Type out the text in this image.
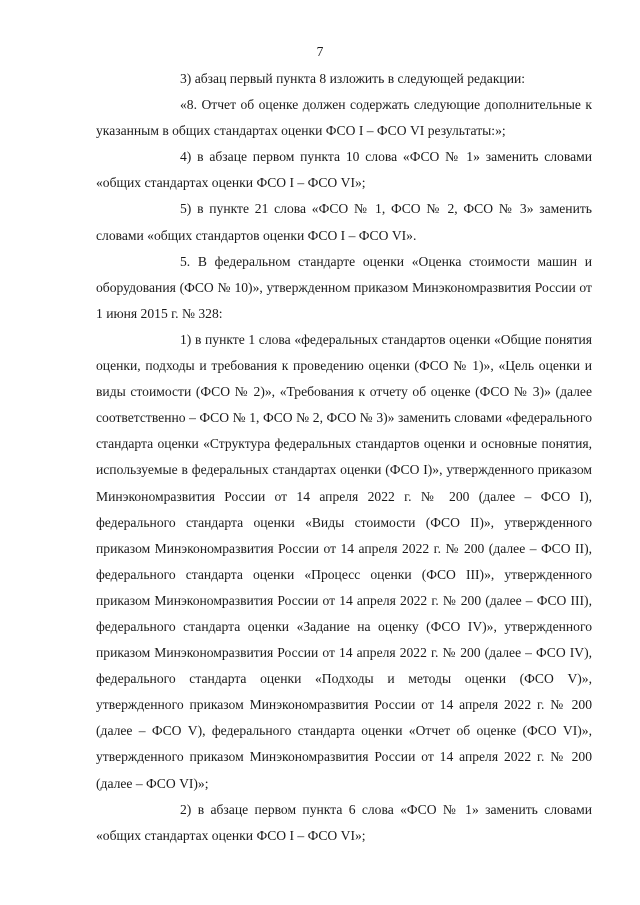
7

3) абзац первый пункта 8 изложить в следующей редакции:

«8. Отчет об оценке должен содержать следующие дополнительные к указанным в общих стандартах оценки ФСО I – ФСО VI результаты:»;

4) в абзаце первом пункта 10 слова «ФСО № 1» заменить словами «общих стандартах оценки ФСО I – ФСО VI»;

5) в пункте 21 слова «ФСО № 1, ФСО № 2, ФСО № 3» заменить словами «общих стандартов оценки ФСО I – ФСО VI».

5. В федеральном стандарте оценки «Оценка стоимости машин и оборудования (ФСО № 10)», утвержденном приказом Минэкономразвития России от 1 июня 2015 г. № 328:

1) в пункте 1 слова «федеральных стандартов оценки «Общие понятия оценки, подходы и требования к проведению оценки (ФСО № 1)», «Цель оценки и виды стоимости (ФСО № 2)», «Требования к отчету об оценке (ФСО № 3)» (далее соответственно – ФСО № 1, ФСО № 2, ФСО № 3)» заменить словами «федерального стандарта оценки «Структура федеральных стандартов оценки и основные понятия, используемые в федеральных стандартах оценки (ФСО I)», утвержденного приказом Минэкономразвития России от 14 апреля 2022 г. № 200 (далее – ФСО I), федерального стандарта оценки «Виды стоимости (ФСО II)», утвержденного приказом Минэкономразвития России от 14 апреля 2022 г. № 200 (далее – ФСО II), федерального стандарта оценки «Процесс оценки (ФСО III)», утвержденного приказом Минэкономразвития России от 14 апреля 2022 г. № 200 (далее – ФСО III), федерального стандарта оценки «Задание на оценку (ФСО IV)», утвержденного приказом Минэкономразвития России от 14 апреля 2022 г. № 200 (далее – ФСО IV), федерального стандарта оценки «Подходы и методы оценки (ФСО V)», утвержденного приказом Минэкономразвития России от 14 апреля 2022 г. № 200 (далее – ФСО V), федерального стандарта оценки «Отчет об оценке (ФСО VI)», утвержденного приказом Минэкономразвития России от 14 апреля 2022 г. № 200 (далее – ФСО VI)»;

2) в абзаце первом пункта 6 слова «ФСО № 1» заменить словами «общих стандартах оценки ФСО I – ФСО VI»;
